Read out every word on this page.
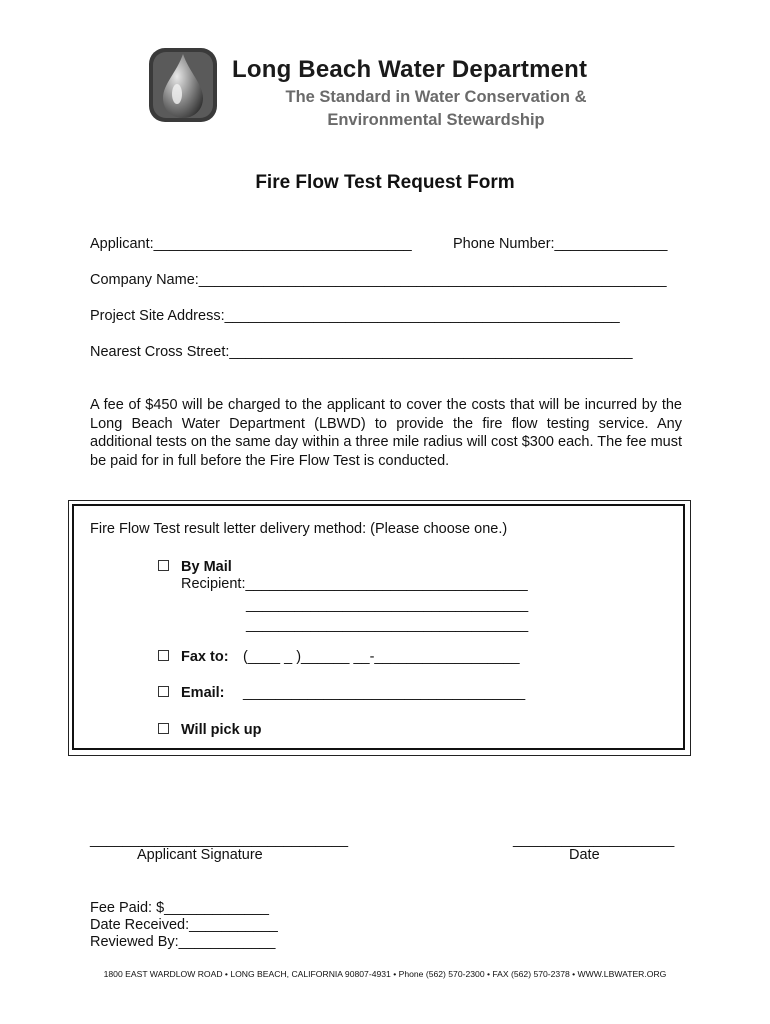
Long Beach Water Department
The Standard in Water Conservation & Environmental Stewardship
Fire Flow Test Request Form
Applicant:________________________________	Phone Number:______________
Company Name:__________________________________________________________
Project Site Address:_________________________________________________
Nearest Cross Street:__________________________________________________
A fee of $450 will be charged to the applicant to cover the costs that will be incurred by the Long Beach Water Department (LBWD) to provide the fire flow testing service. Any additional tests on the same day within a three mile radius will cost $300 each. The fee must be paid for in full before the Fire Flow Test is conducted.
Fire Flow Test result letter delivery method: (Please choose one.)
By Mail
Recipient:___________________________________
___________________________________
___________________________________
Fax to: (____ _ )______ __-__________________
Email: ___________________________________
Will pick up
________________________________
Applicant Signature
____________________
Date
Fee Paid: $_____________
Date Received:___________
Reviewed By:____________
1800 EAST WARDLOW ROAD • LONG BEACH, CALIFORNIA 90807-4931 • Phone (562) 570-2300 • FAX (562) 570-2378 • WWW.LBWATER.ORG
